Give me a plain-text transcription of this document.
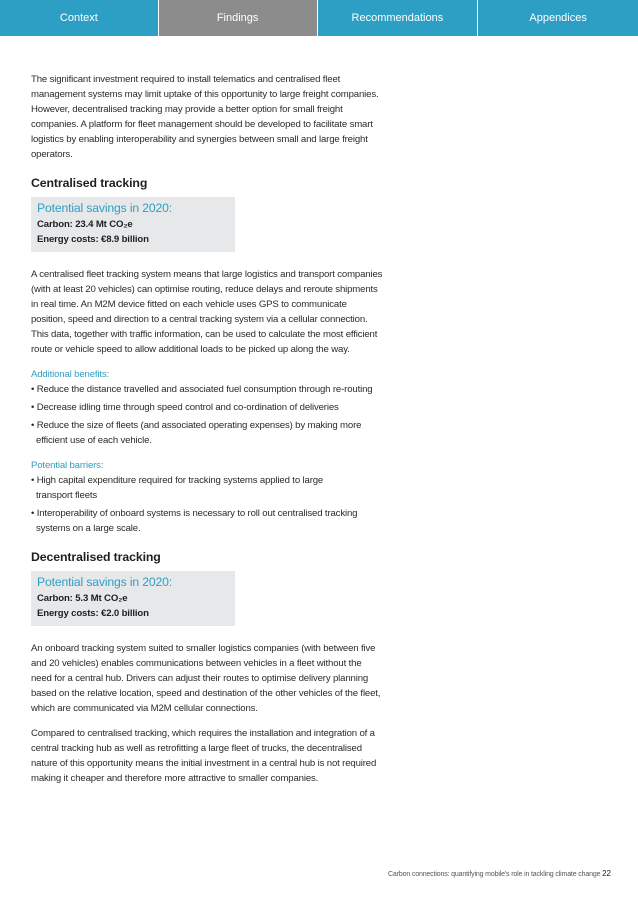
Context	Findings	Recommendations	Appendices

The significant investment required to install telematics and centralised fleet management systems may limit uptake of this opportunity to large freight companies. However, decentralised tracking may provide a better option for small freight companies. A platform for fleet management should be developed to facilitate smart logistics by enabling interoperability and synergies between small and large freight operators.

Centralised tracking
Potential savings in 2020:
Carbon: 23.4 Mt CO₂e
Energy costs: €8.9 billion

A centralised fleet tracking system means that large logistics and transport companies (with at least 20 vehicles) can optimise routing, reduce delays and reroute shipments in real time. An M2M device fitted on each vehicle uses GPS to communicate position, speed and direction to a central tracking system via a cellular connection. This data, together with traffic information, can be used to calculate the most efficient route or vehicle speed to allow additional loads to be picked up along the way.

Additional benefits:

• Reduce the distance travelled and associated fuel consumption through re-routing

• Decrease idling time through speed control and co-ordination of deliveries

• Reduce the size of fleets (and associated operating expenses) by making more efficient use of each vehicle.

Potential barriers:

• High capital expenditure required for tracking systems applied to large transport fleets

• Interoperability of onboard systems is necessary to roll out centralised tracking systems on a large scale.

Decentralised tracking
Potential savings in 2020:
Carbon: 5.3 Mt CO₂e
Energy costs: €2.0 billion

An onboard tracking system suited to smaller logistics companies (with between five and 20 vehicles) enables communications between vehicles in a fleet without the need for a central hub. Drivers can adjust their routes to optimise delivery planning based on the relative location, speed and destination of the other vehicles of the fleet, which are communicated via M2M cellular connections.

Compared to centralised tracking, which requires the installation and integration of a central tracking hub as well as retrofitting a large fleet of trucks, the decentralised nature of this opportunity means the initial investment in a central hub is not required making it cheaper and therefore more attractive to smaller companies.

Carbon connections: quantifying mobile's role in tackling climate change 22
